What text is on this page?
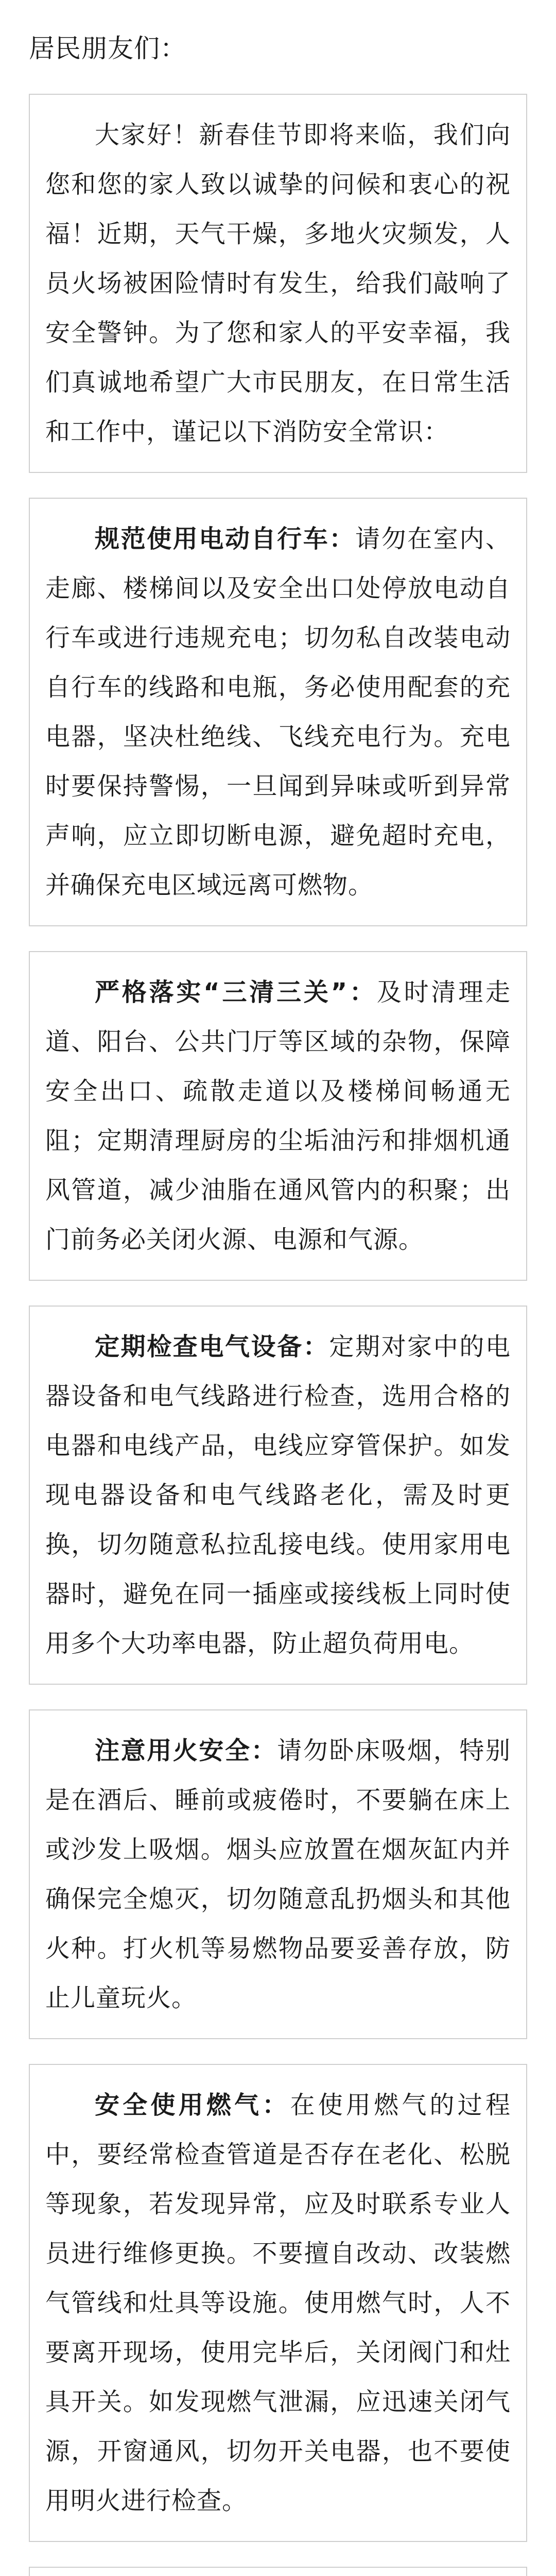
居民朋友们：
大家好！新春佳节即将来临，我们向您和您的家人致以诚挚的问候和衷心的祝福！近期，天气干燥，多地火灾频发，人员火场被困险情时有发生，给我们敲响了安全警钟。为了您和家人的平安幸福，我们真诚地希望广大市民朋友，在日常生活和工作中，谨记以下消防安全常识：
规范使用电动自行车：请勿在室内、走廊、楼梯间以及安全出口处停放电动自行车或进行违规充电；切勿私自改装电动自行车的线路和电瓶，务必使用配套的充电器，坚决杜绝线、飞线充电行为。充电时要保持警惕，一旦闻到异味或听到异常声响，应立即切断电源，避免超时充电，并确保充电区域远离可燃物。
严格落实“三清三关”：及时清理走道、阳台、公共门厅等区域的杂物，保障安全出口、疏散走道以及楼梯间畅通无阻；定期清理厨房的尘垢油污和排烟机通风管道，减少油脂在通风管内的积聚；出门前务必关闭火源、电源和气源。
定期检查电气设备：定期对家中的电器设备和电气线路进行检查，选用合格的电器和电线产品，电线应穿管保护。如发现电器设备和电气线路老化，需及时更换，切勿随意私拉乱接电线。使用家用电器时，避免在同一插座或接线板上同时使用多个大功率电器，防止超负荷用电。
注意用火安全：请勿卧床吸烟，特别是在酒后、睡前或疲倦时，不要躺在床上或沙发上吸烟。烟头应放置在烟灰缸内并确保完全熄灭，切勿随意乱扔烟头和其他火种。打火机等易燃物品要妥善存放，防止儿童玩火。
安全使用燃气：在使用燃气的过程中，要经常检查管道是否存在老化、松脱等现象，若发现异常，应及时联系专业人员进行维修更换。不要擅自改动、改装燃气管线和灶具等设施。使用燃气时，人不要离开现场，使用完毕后，关闭阀门和灶具开关。如发现燃气泄漏，应迅速关闭气源，开窗通风，切勿开关电器，也不要使用明火进行检查。
